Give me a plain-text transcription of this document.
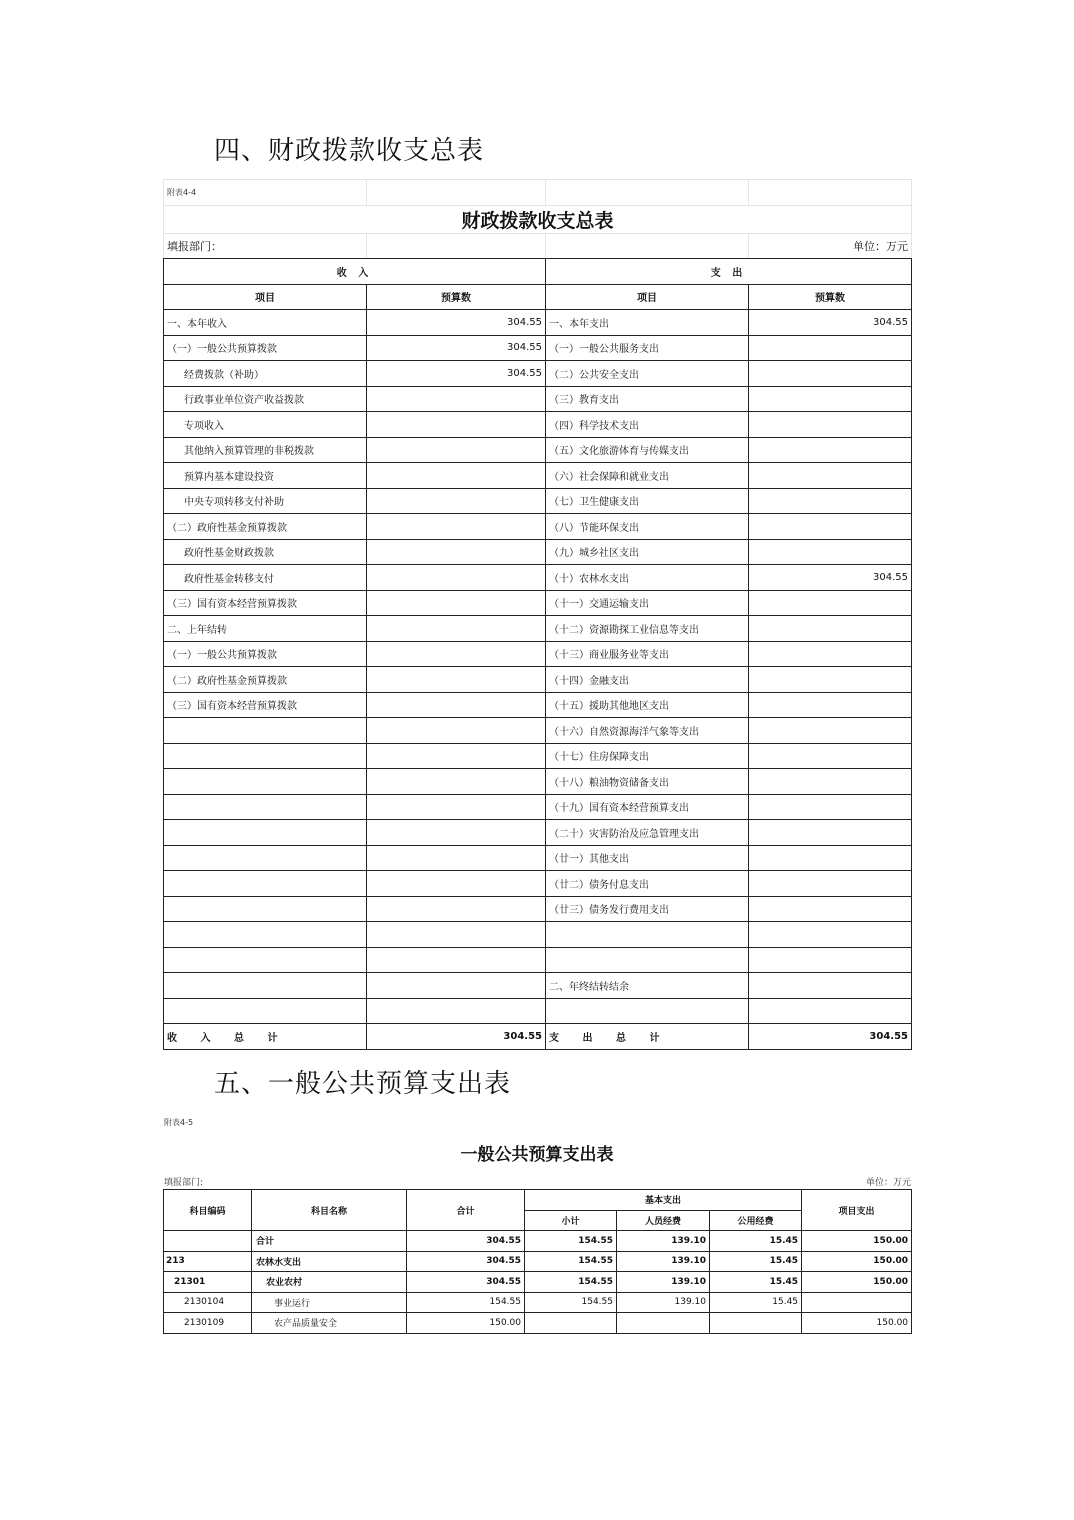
四、财政拨款收支总表
附表4-4			
财政拨款收支总表			
填报部门：			单位：万元
收 入		支 出	
项目	预算数	项目	预算数
一、本年收入	304.55	一、本年支出	304.55
（一）一般公共预算拨款	304.55	（一）一般公共服务支出	
经费拨款（补助）	304.55	（二）公共安全支出	
行政事业单位资产收益拨款		（三）教育支出	
专项收入		（四）科学技术支出	
其他纳入预算管理的非税拨款		（五）文化旅游体育与传媒支出	
预算内基本建设投资		（六）社会保障和就业支出	
中央专项转移支付补助		（七）卫生健康支出	
（二）政府性基金预算拨款		（八）节能环保支出	
政府性基金财政拨款		（九）城乡社区支出	
政府性基金转移支付		（十）农林水支出	304.55
（三）国有资本经营预算拨款		（十一）交通运输支出	
二、上年结转		（十二）资源勘探工业信息等支出	
（一）一般公共预算拨款		（十三）商业服务业等支出	
（二）政府性基金预算拨款		（十四）金融支出	
（三）国有资本经营预算拨款		（十五）援助其他地区支出	
		（十六）自然资源海洋气象等支出	
		（十七）住房保障支出	
		（十八）粮油物资储备支出	
		（十九）国有资本经营预算支出	
		（二十）灾害防治及应急管理支出	
		（廿一）其他支出	
		（廿二）债务付息支出	
		（廿三）债务发行费用支出	

		二、年终结转结余	

收 入 总 计	304.55	支 出 总 计	304.55
五、一般公共预算支出表
附表4-5
一般公共预算支出表
填报部门:	单位：万元
科目编码	科目名称	合计	基本支出			项目支出
			小计	人员经费	公用经费	
	合计	304.55	154.55	139.10	15.45	150.00
213	农林水支出	304.55	154.55	139.10	15.45	150.00
21301	农业农村	304.55	154.55	139.10	15.45	150.00
2130104	事业运行	154.55	154.55	139.10	15.45	
2130109	农产品质量安全	150.00				150.00
